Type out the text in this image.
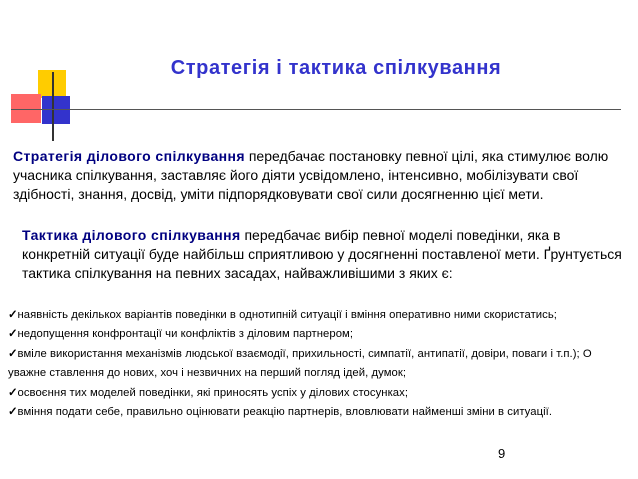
Стратегія і тактика спілкування

Стратегія ділового спілкування передбачає постановку певної цілі, яка стимулює волю учасника спілкування, заставляє його діяти усвідомлено, інтенсивно, мобілізувати свої здібності, знання, досвід, уміти підпорядковувати свої сили досягненню цієї мети.

Тактика ділового спілкування передбачає вибір певної моделі поведінки, яка в конкретній ситуації буде найбільш сприятливою у досягненні поставленої мети. Ґрунтується тактика спілкування на певних засадах, найважливішими з яких є:

✓наявність декількох варіантів поведінки в однотипній ситуації і вміння оперативно ними скористатись;
✓недопущення конфронтації чи конфліктів з діловим партнером;
✓вміле використання механізмів людської взаємодії, прихильності, симпатії, антипатії, довіри, поваги і т.п.); О уважне ставлення до нових, хоч і незвичних на перший погляд ідей, думок;
✓освоєння тих моделей поведінки, які приносять успіх у ділових стосунках;
✓вміння подати себе, правильно оцінювати реакцію партнерів, вловлювати найменші зміни в ситуації.
9
